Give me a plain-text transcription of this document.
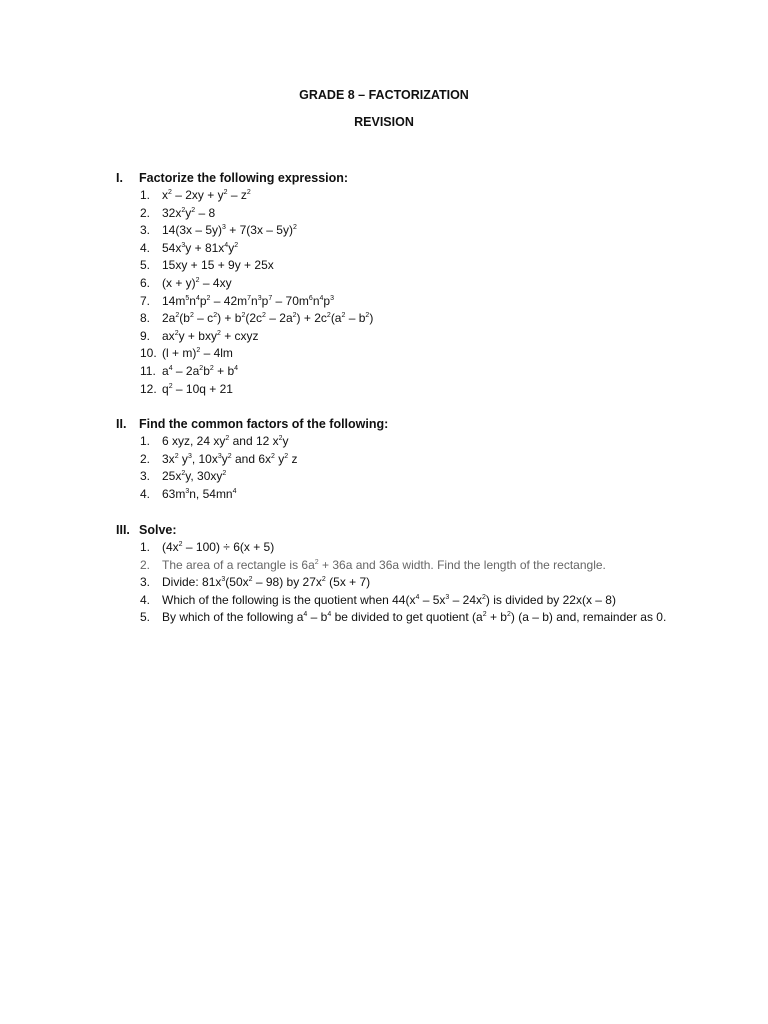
GRADE 8 – FACTORIZATION
REVISION
I. Factorize the following expression:
1. $x^2 - 2xy + y^2 - z^2$
2. $32x^2y^2 - 8$
3. 14(3x – 5y)$^3$ + 7(3x – 5y)$^2$
4. $54x^3y + 81x^4y^2$
5. 15xy + 15 + 9y + 25x
6. $(x + y)^2 - 4xy$
7. $14m^5n^4p^2 - 42m^7n^3p^7 - 70m^6n^4p^3$
8. $2a^2(b^2 - c^2) + b^2(2c^2 - 2a^2) + 2c^2(a^2 - b^2)$
9. $ax^2y + bxy^2$ + cxyz
10. $(l + m)^2 - 4lm$
11. $a^4 - 2a^2b^2 + b^4$
12. $q^2 - 10q + 21$
II. Find the common factors of the following:
1. 6 xyz, 24 $xy^2$ and 12 $x^2y$
2. $3x^2$ $y^3$, $10x^3y^2$ and $6x^2$ $y^2$ z
3. $25x^2y$, $30xy^2$
4. $63m^3n$, $54mn^4$
III. Solve:
1. $(4x^2 - 100) \div 6(x + 5)$
2. The area of a rectangle is $6a^2 + 36a$ and 36a width. Find the length of the rectangle.
3. Divide: $81x^3(50x^2 - 98)$ by $27x^2$ (5x + 7)
4. Which of the following is the quotient when $44(x^4 - 5x^3 - 24x^2)$ is divided by 22x(x – 8)
5. By which of the following $a^4 - b^4$ be divided to get quotient $(a^2 + b^2)$ (a – b) and, remainder as 0.
